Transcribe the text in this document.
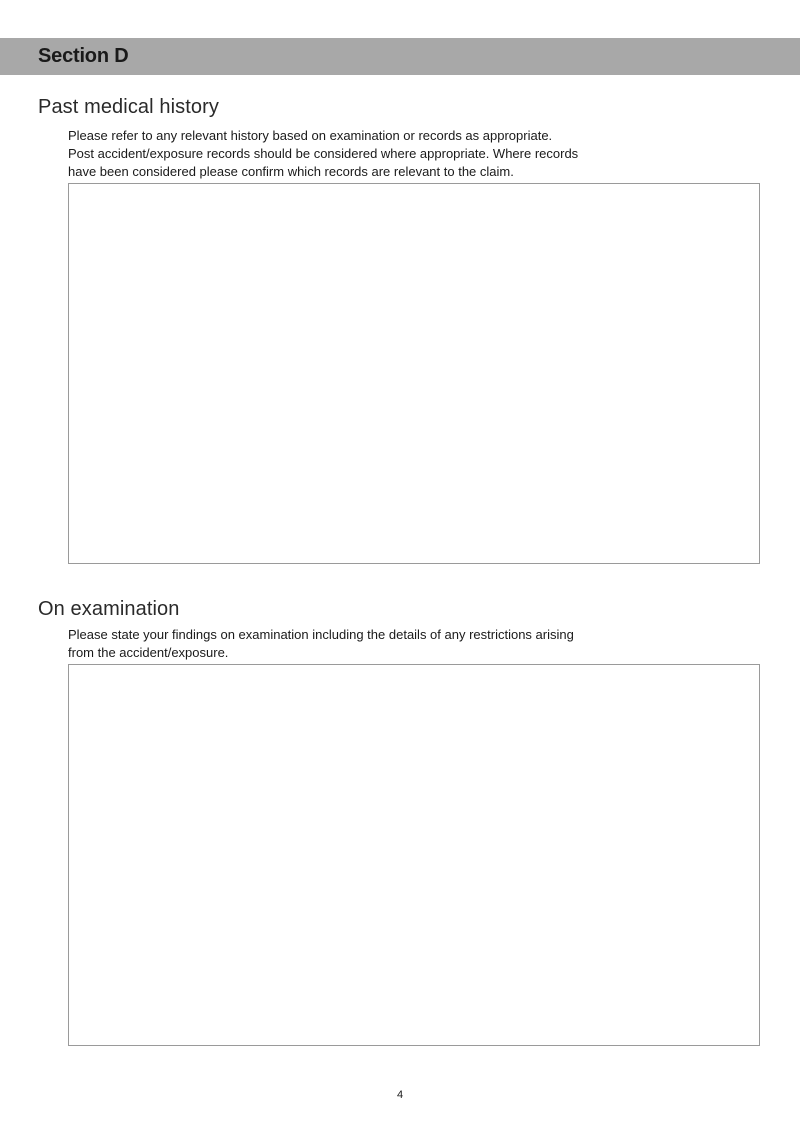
Section D
Past medical history
Please refer to any relevant history based on examination or records as appropriate.
Post accident/exposure records should be considered where appropriate. Where records
have been considered please confirm which records are relevant to the claim.
On examination
Please state your findings on examination including the details of any restrictions arising
from the accident/exposure.
4
